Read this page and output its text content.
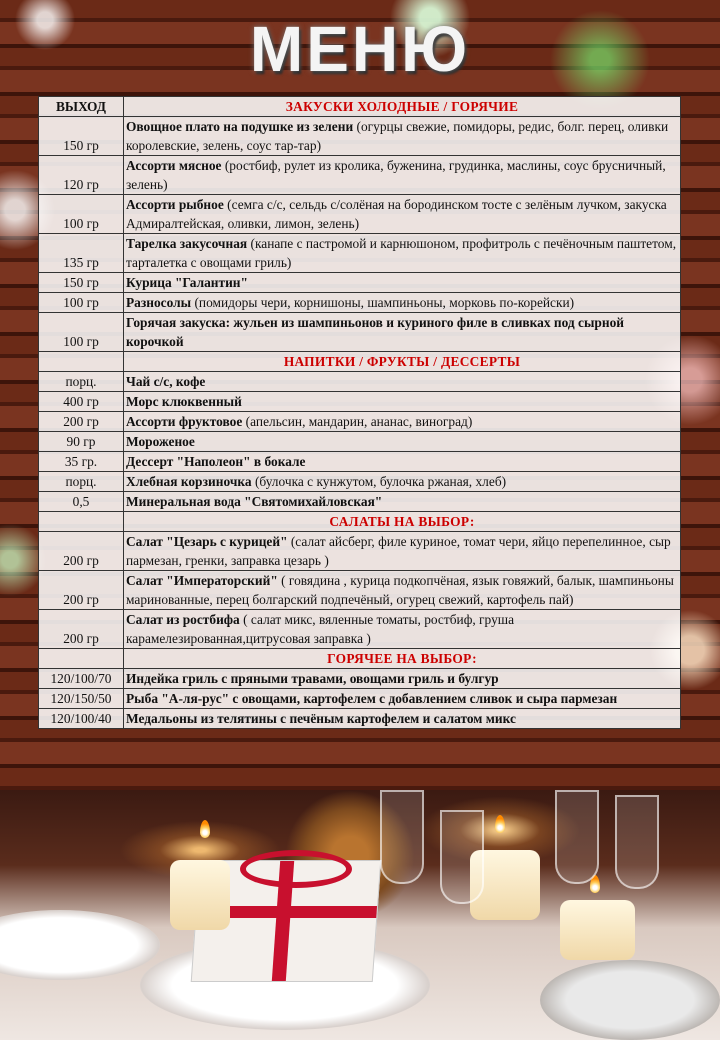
МЕНЮ
ВЫХОД	ЗАКУСКИ ХОЛОДНЫЕ / ГОРЯЧИЕ
150 гр	Овощное плато на подушке из зелени (огурцы свежие, помидоры, редис, болг. перец, оливки королевские, зелень, соус тар-тар)
120 гр	Ассорти мясное (ростбиф, рулет из кролика, буженина, грудинка, маслины, соус брусничный, зелень)
100 гр	Ассорти рыбное (семга с/с, сельдь с/солёная на бородинском тосте с зелёным лучком, закуска Адмиралтейская, оливки, лимон, зелень)
135 гр	Тарелка закусочная (канапе с пастромой и карнюшоном, профитроль с печёночным паштетом, тарталетка с овощами гриль)
150 гр	Курица "Галантин"
100 гр	Разносолы (помидоры чери, корнишоны, шампиньоны, морковь по-корейски)
100 гр	Горячая закуска: жульен из шампиньонов и куриного филе в сливках под сырной корочкой
	НАПИТКИ / ФРУКТЫ / ДЕССЕРТЫ
порц.	Чай с/с, кофе
400 гр	Морс клюквенный
200 гр	Ассорти фруктовое (апельсин, мандарин, ананас, виноград)
90 гр	Мороженое
35 гр.	Дессерт "Наполеон" в бокале
порц.	Хлебная корзиночка (булочка с кунжутом, булочка ржаная, хлеб)
0,5	Минеральная вода "Святомихайловская"
	САЛАТЫ НА ВЫБОР:
200 гр	Салат "Цезарь с курицей" (салат айсберг, филе куриное, томат чери, яйцо перепелинное, сыр пармезан, гренки, заправка цезарь )
200 гр	Салат "Императорский" ( говядина , курица подкопчёная, язык говяжий, балык, шампиньоны маринованные, перец болгарский подпечёный, огурец свежий, картофель пай)
200 гр	Салат из ростбифа ( салат микс, вяленные томаты, ростбиф, груша карамелезированная,цитрусовая заправка )
	ГОРЯЧЕЕ НА ВЫБОР:
120/100/70	Индейка гриль с пряными травами, овощами гриль и булгур
120/150/50	Рыба "А-ля-рус" с овощами, картофелем с добавлением сливок и сыра пармезан
120/100/40	Медальоны из телятины с печёным картофелем и салатом микс
